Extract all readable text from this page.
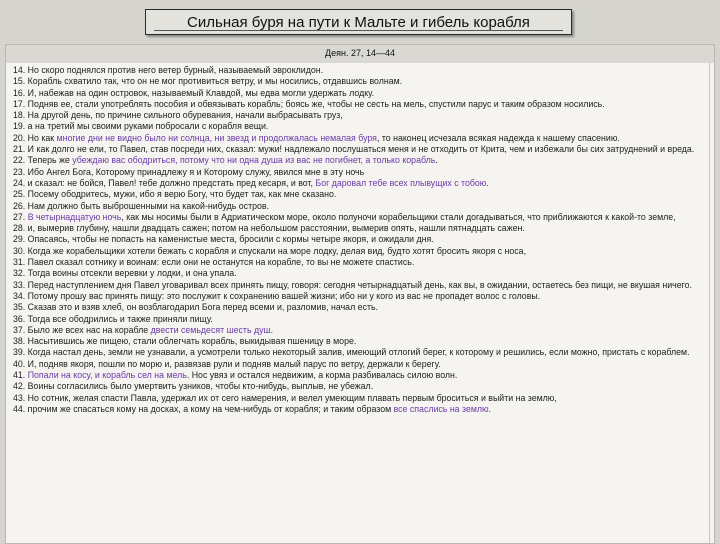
Сильная буря на пути к Мальте и гибель корабля
Деян. 27, 14—44

14. Но скоро поднялся против него ветер бурный, называемый эвроклидон.

15. Корабль схватило так, что он не мог противиться ветру, и мы носились, отдавшись волнам.

16. И, набежав на один островок, называемый Клавдой, мы едва могли удержать лодку.

17. Подняв ее, стали употреблять пособия и обвязывать корабль; боясь же, чтобы не сесть на мель, спустили парус и таким образом носились.

18. На другой день, по причине сильного обуревания, начали выбрасывать груз,

19. а на третий мы своими руками побросали с корабля вещи.

20. Но как многие дни не видно было ни солнца, ни звезд и продолжалась немалая буря, то наконец исчезала всякая надежда к нашему спасению.

21. И как долго не ели, то Павел, став посреди них, сказал: мужи! надлежало послушаться меня и не отходить от Крита, чем и избежали бы сих затруднений и вреда.

22. Теперь же убеждаю вас ободриться, потому что ни одна душа из вас не погибнет, а только корабль.

23. Ибо Ангел Бога, Которому принадлежу я и Которому служу, явился мне в эту ночь

24. и сказал: не бойся, Павел! тебе должно предстать пред кесаря, и вот, Бог даровал тебе всех плывущих с тобою.

25. Посему ободритесь, мужи, ибо я верю Богу, что будет так, как мне сказано.

26. Нам должно быть выброшенными на какой-нибудь остров.

27. В четырнадцатую ночь, как мы носимы были в Адриатическом море, около полуночи корабельщики стали догадываться, что приближаются к какой-то земле,

28. и, вымерив глубину, нашли двадцать сажен; потом на небольшом расстоянии, вымерив опять, нашли пятнадцать сажен.

29. Опасаясь, чтобы не попасть на каменистые места, бросили с кормы четыре якоря, и ожидали дня.

30. Когда же корабельщики хотели бежать с корабля и спускали на море лодку, делая вид, будто хотят бросить якоря с носа,

31. Павел сказал сотнику и воинам: если они не останутся на корабле, то вы не можете спастись.

32. Тогда воины отсекли веревки у лодки, и она упала.

33. Перед наступлением дня Павел уговаривал всех принять пищу, говоря: сегодня четырнадцатый день, как вы, в ожидании, остаетесь без пищи, не вкушая ничего.

34. Потому прошу вас принять пищу: это послужит к сохранению вашей жизни; ибо ни у кого из вас не пропадет волос с головы.

35. Сказав это и взяв хлеб, он возблагодарил Бога перед всеми и, разломив, начал есть.

36. Тогда все ободрились и также приняли пищу.

37. Было же всех нас на корабле двести семьдесят шесть душ.

38. Насытившись же пищею, стали облегчать корабль, выкидывая пшеницу в море.

39. Когда настал день, земли не узнавали, а усмотрели только некоторый залив, имеющий отлогий берег, к которому и решились, если можно, пристать с кораблем.

40. И, подняв якоря, пошли по морю и, развязав рули и подняв малый парус по ветру, держали к берегу.

41. Попали на косу, и корабль сел на мель. Нос увяз и остался недвижим, а корма разбивалась силою волн.

42. Воины согласились было умертвить узников, чтобы кто-нибудь, выплыв, не убежал.

43. Но сотник, желая спасти Павла, удержал их от сего намерения, и велел умеющим плавать первым броситься и выйти на землю,

44. прочим же спасаться кому на досках, а кому на чем-нибудь от корабля; и таким образом все спаслись на землю.
